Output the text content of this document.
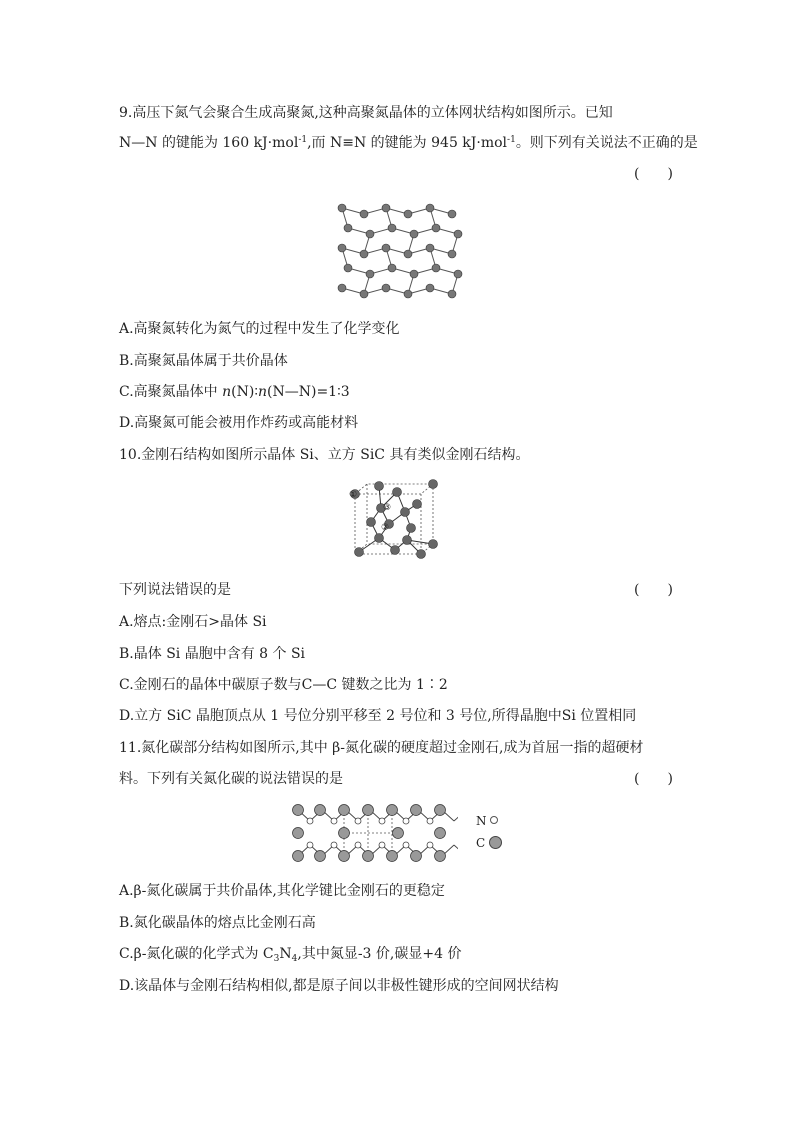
9.高压下氮气会聚合生成高聚氮,这种高聚氮晶体的立体网状结构如图所示。已知
N—N 的键能为 160 kJ·mol$^{-1}$,而 N≡N 的键能为 945 kJ·mol$^{-1}$。则下列有关说法不正确的是
(　　)
A.高聚氮转化为氮气的过程中发生了化学变化
B.高聚氮晶体属于共价晶体
C.高聚氮晶体中 n(N)∶n(N—N)=1∶3
D.高聚氮可能会被用作炸药或高能材料
10.金刚石结构如图所示晶体 Si、立方 SiC 具有类似金刚石结构。
①
③
②
下列说法错误的是	(　　)
A.熔点:金刚石>晶体 Si
B.晶体 Si 晶胞中含有 8 个 Si
C.金刚石的晶体中碳原子数与C—C 键数之比为 1∶2
D.立方 SiC 晶胞顶点从 1 号位分别平移至 2 号位和 3 号位,所得晶胞中Si 位置相同
11.氮化碳部分结构如图所示,其中 β-氮化碳的硬度超过金刚石,成为首屈一指的超硬材
料。下列有关氮化碳的说法错误的是	(　　)
N
C
A.β-氮化碳属于共价晶体,其化学键比金刚石的更稳定
B.氮化碳晶体的熔点比金刚石高
C.β-氮化碳的化学式为 $C_3N_4$,其中氮显-3 价,碳显+4 价
D.该晶体与金刚石结构相似,都是原子间以非极性键形成的空间网状结构
